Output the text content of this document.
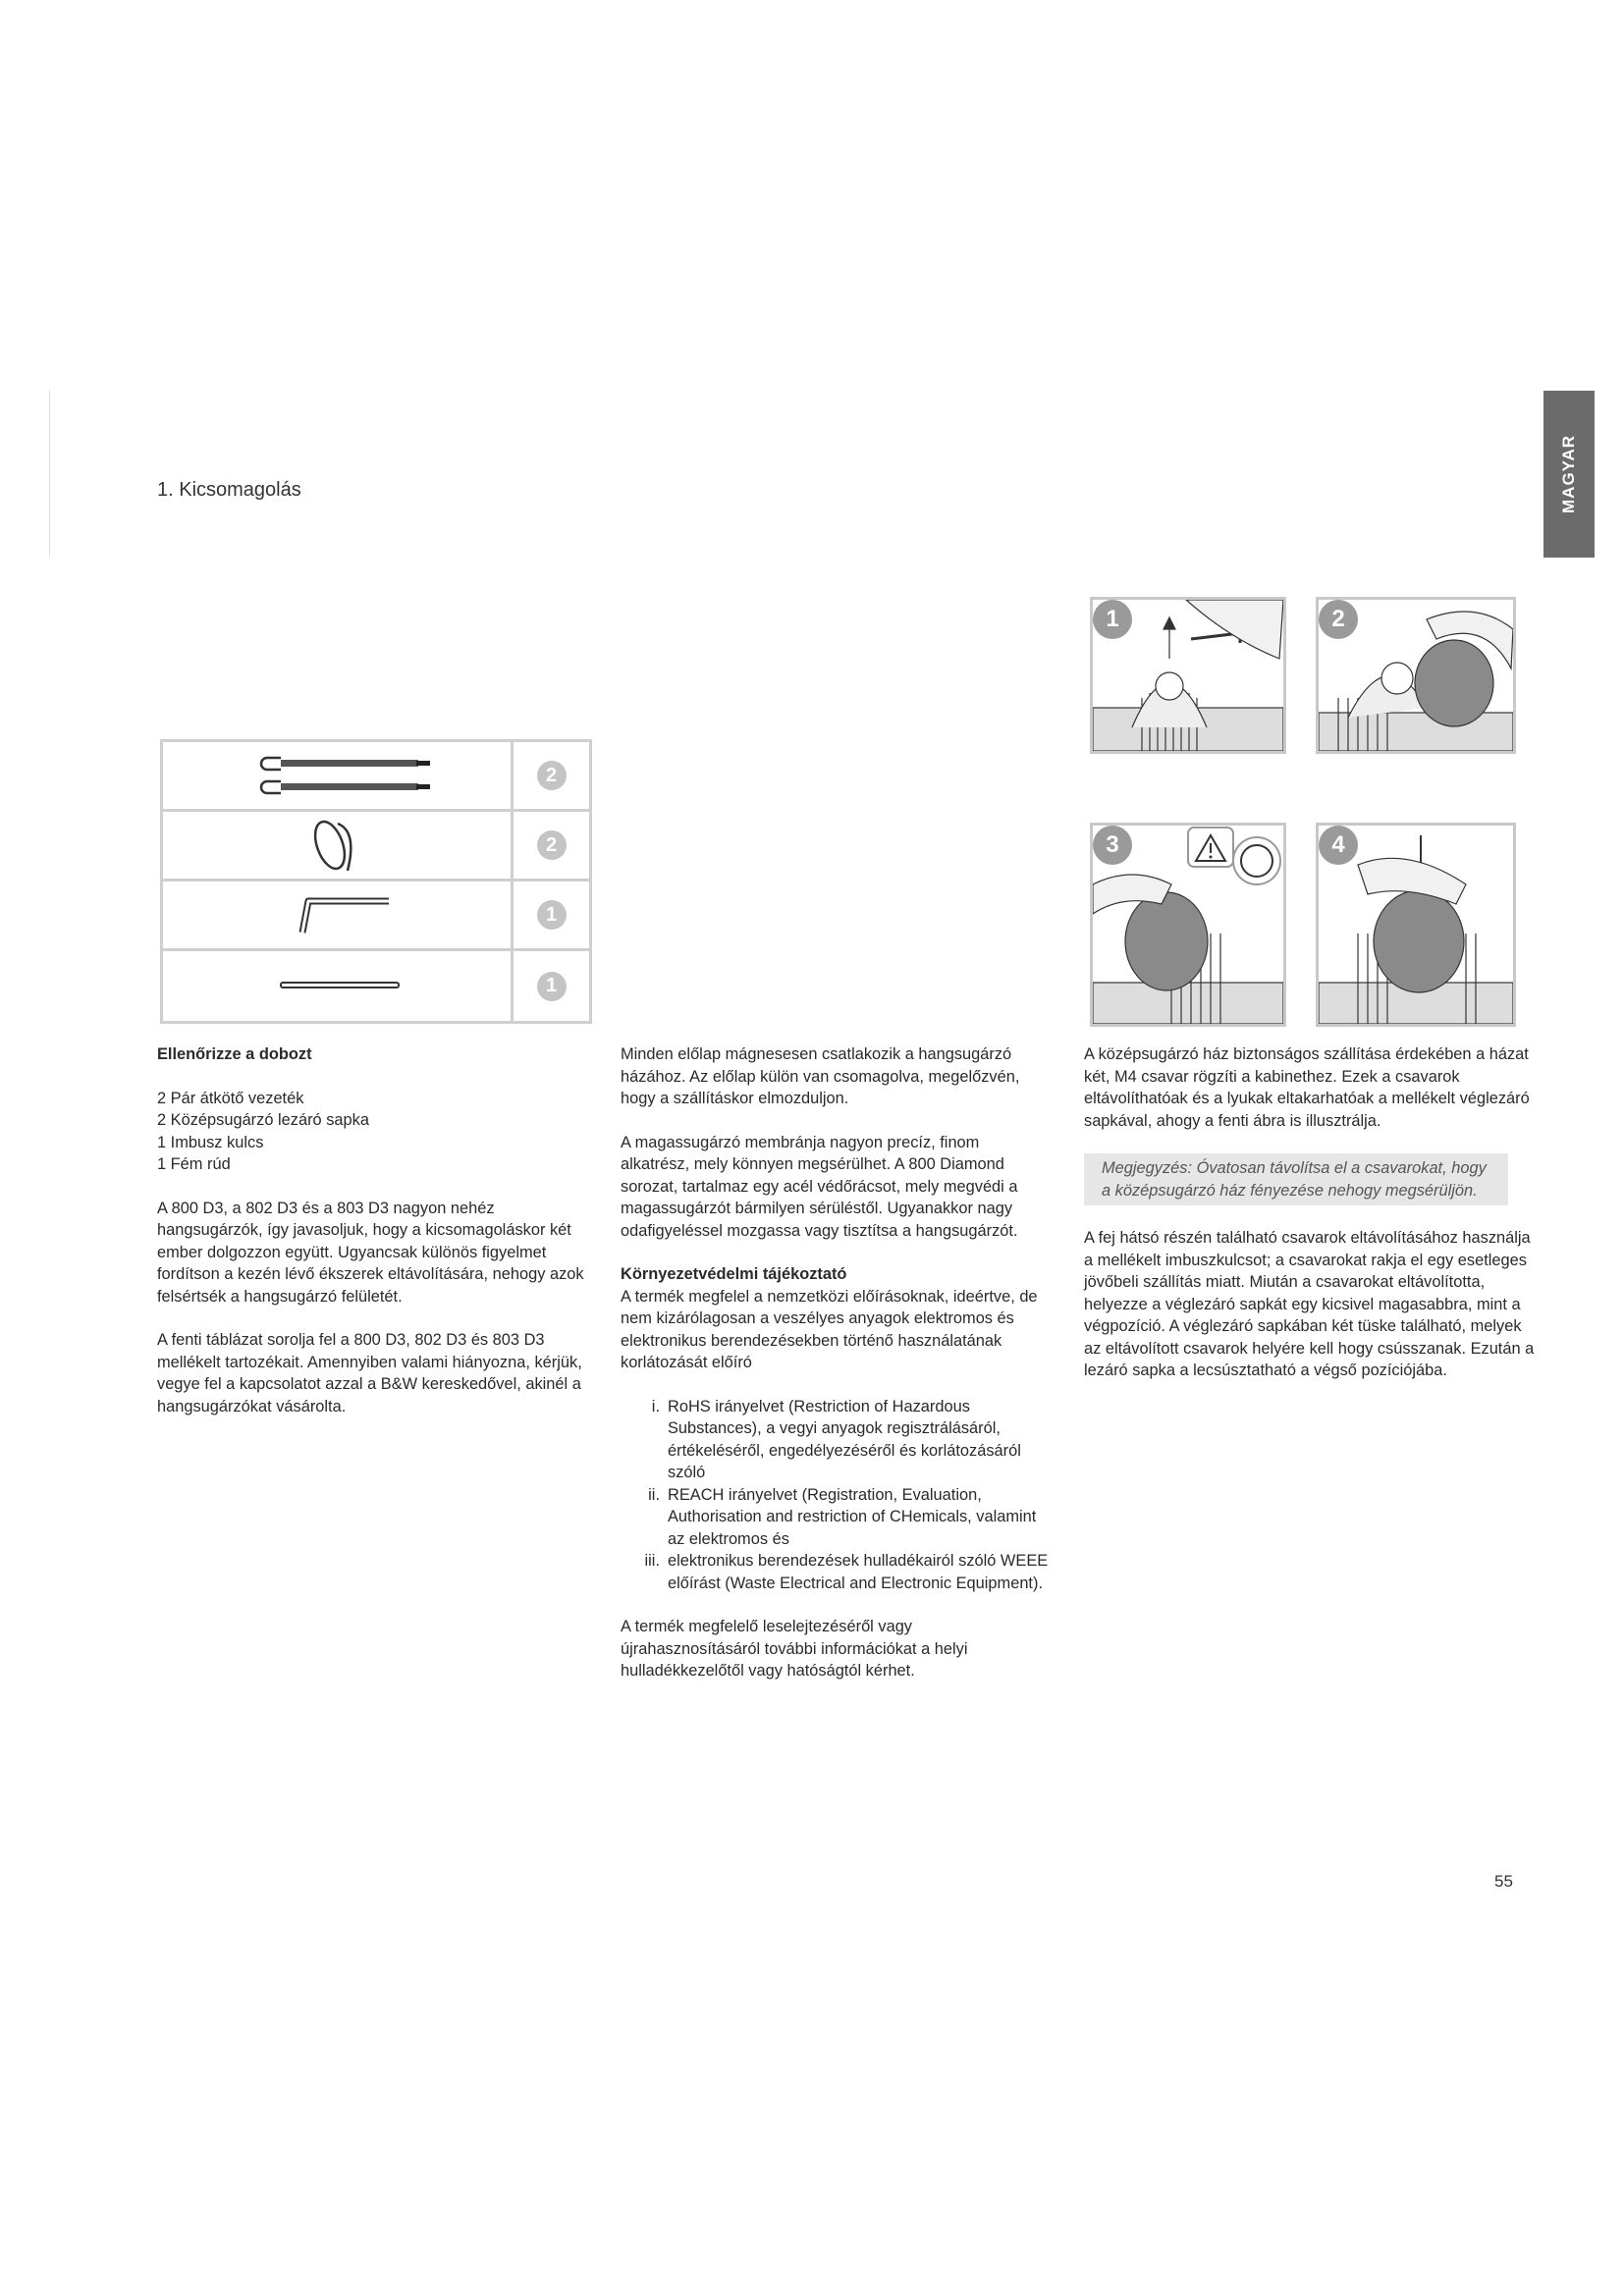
1. Kicsomagolás	MAGYAR
2
2
1
1
1	2
3	4

Ellenőrizze a dobozt

2 Pár átkötő vezeték
2 Középsugárzó lezáró sapka
1 Imbusz kulcs
1 Fém rúd

A 800 D3, a 802 D3 és a 803 D3 nagyon nehéz hangsugárzók, így javasoljuk, hogy a kicsomagoláskor két ember dolgozzon együtt. Ugyancsak különös figyelmet fordítson a kezén lévő ékszerek eltávolítására, nehogy azok felsértsék a hangsugárzó felületét.

A fenti táblázat sorolja fel a 800 D3, 802 D3 és 803 D3 mellékelt tartozékait. Amennyiben valami hiányozna, kérjük, vegye fel a kapcsolatot azzal a B&W kereskedővel, akinél a hangsugárzókat vásárolta.

Minden előlap mágnesesen csatlakozik a hangsugárzó házához. Az előlap külön van csomagolva, megelőzvén, hogy a szállításkor elmozduljon.

A magassugárzó membránja nagyon precíz, finom alkatrész, mely könnyen megsérülhet. A 800 Diamond sorozat, tartalmaz egy acél védőrácsot, mely megvédi a magassugárzót bármilyen sérüléstől. Ugyanakkor nagy odafigyeléssel mozgassa vagy tisztítsa a hangsugárzót.

Környezetvédelmi tájékoztató

A termék megfelel a nemzetközi előírásoknak, ideértve, de nem kizárólagosan a veszélyes anyagok elektromos és elektronikus berendezésekben történő használatának korlátozását előíró

i. RoHS irányelvet (Restriction of Hazardous Substances), a vegyi anyagok regisztrálásáról, értékeléséről, engedélyezéséről és korlátozásáról szóló
ii. REACH irányelvet (Registration, Evaluation, Authorisation and restriction of CHemicals, valamint az elektromos és
iii. elektronikus berendezések hulladékairól szóló WEEE előírást (Waste Electrical and Electronic Equipment).

A termék megfelelő leselejtezéséről vagy újrahasznosításáról további információkat a helyi hulladékkezelőtől vagy hatóságtól kérhet.

A középsugárzó ház biztonságos szállítása érdekében a házat két, M4 csavar rögzíti a kabinethez. Ezek a csavarok eltávolíthatóak és a lyukak eltakarhatóak a mellékelt véglezáró sapkával, ahogy a fenti ábra is illusztrálja.

Megjegyzés: Óvatosan távolítsa el a csavarokat, hogy a középsugárzó ház fényezése nehogy megsérüljön.

A fej hátsó részén található csavarok eltávolításához használja a mellékelt imbuszkulcsot; a csavarokat rakja el egy esetleges jövőbeli szállítás miatt. Miután a csavarokat eltávolította, helyezze a véglezáró sapkát egy kicsivel magasabbra, mint a végpozíció. A véglezáró sapkában két tüske található, melyek az eltávolított csavarok helyére kell hogy csússzanak. Ezután a lezáró sapka a lecsúsztatható a végső pozíciójába.

55
